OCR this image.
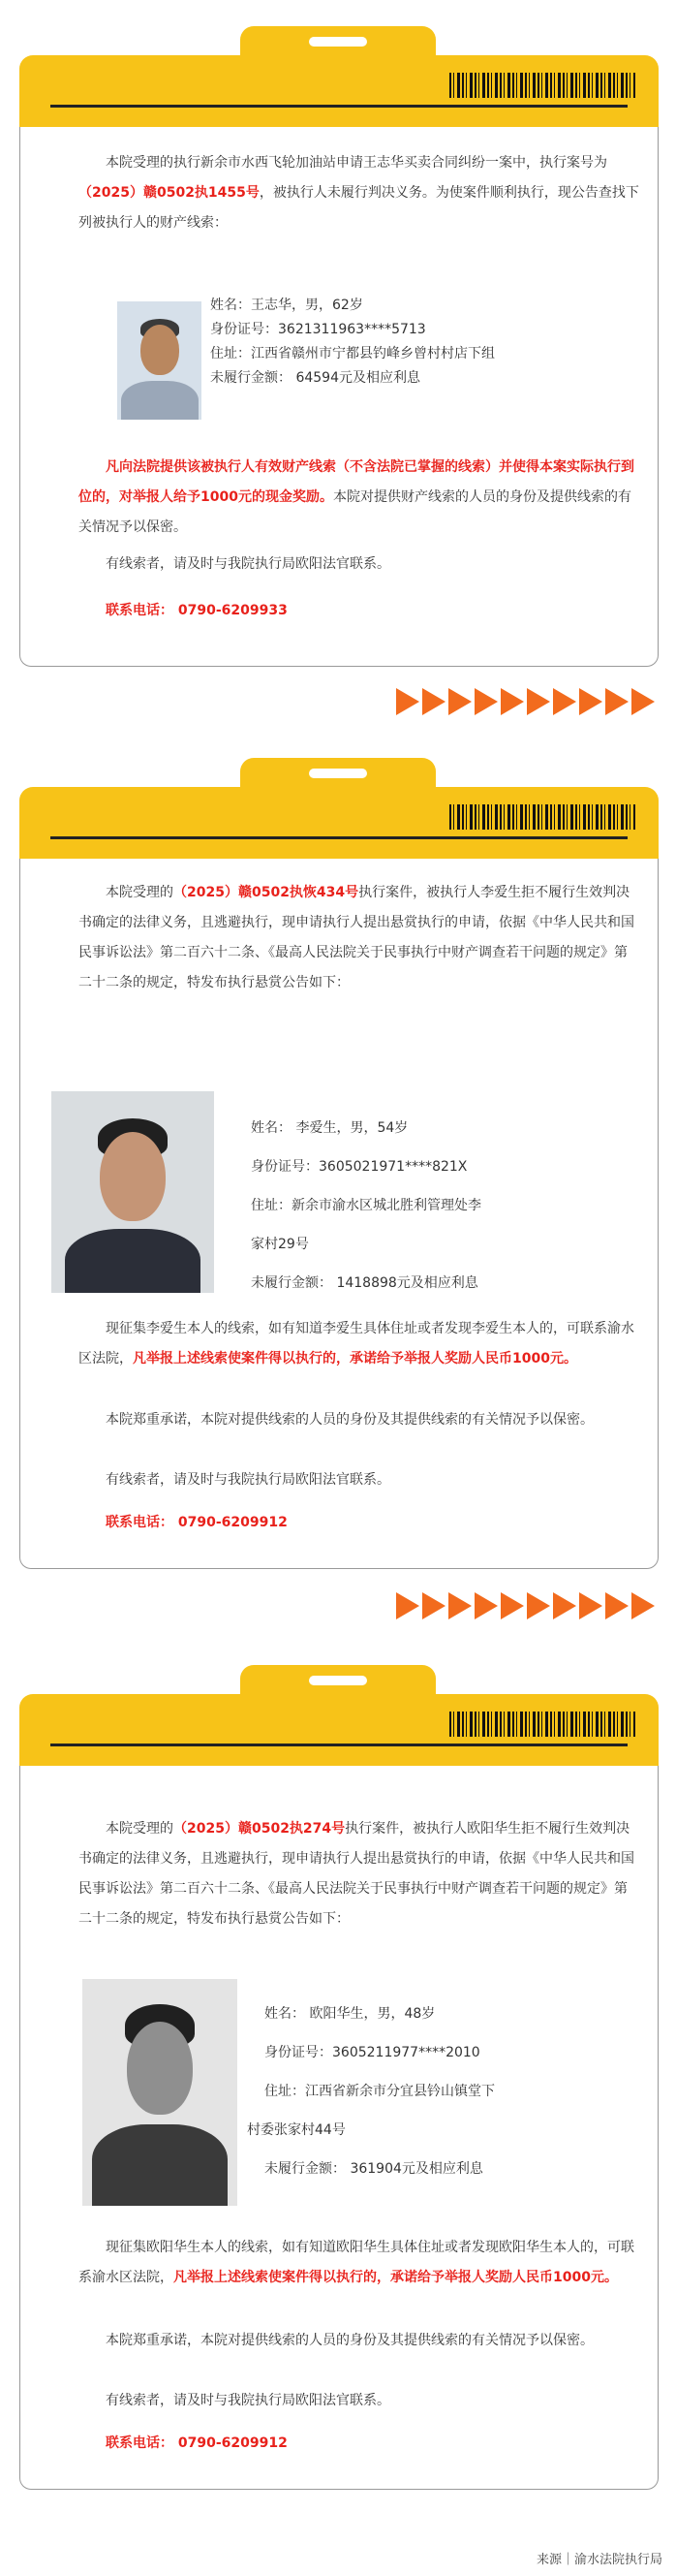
本院受理的执行新余市水西飞轮加油站申请王志华买卖合同纠纷一案中，执行案号为（2025）赣0502执1455号，被执行人未履行判决义务。为使案件顺利执行，现公告查找下列被执行人的财产线索：

姓名：王志华，男，62岁
身份证号：3621311963****5713
住址：江西省赣州市宁都县钓峰乡曾村村店下组
未履行金额： 64594元及相应利息

凡向法院提供该被执行人有效财产线索（不含法院已掌握的线索）并使得本案实际执行到位的，对举报人给予1000元的现金奖励。本院对提供财产线索的人员的身份及提供线索的有关情况予以保密。

有线索者，请及时与我院执行局欧阳法官联系。

联系电话： 0790-6209933

本院受理的（2025）赣0502执恢434号执行案件，被执行人李爱生拒不履行生效判决书确定的法律义务，且逃避执行，现申请执行人提出悬赏执行的申请，依据《中华人民共和国民事诉讼法》第二百六十二条、《最高人民法院关于民事执行中财产调查若干问题的规定》第二十二条的规定，特发布执行悬赏公告如下：

姓名： 李爱生，男，54岁
身份证号：3605021971****821X
住址：新余市渝水区城北胜利管理处李
家村29号
未履行金额： 1418898元及相应利息

现征集李爱生本人的线索，如有知道李爱生具体住址或者发现李爱生本人的，可联系渝水区法院，凡举报上述线索使案件得以执行的，承诺给予举报人奖励人民币1000元。

本院郑重承诺，本院对提供线索的人员的身份及其提供线索的有关情况予以保密。

有线索者，请及时与我院执行局欧阳法官联系。

联系电话： 0790-6209912

本院受理的（2025）赣0502执274号执行案件，被执行人欧阳华生拒不履行生效判决书确定的法律义务，且逃避执行，现申请执行人提出悬赏执行的申请，依据《中华人民共和国民事诉讼法》第二百六十二条、《最高人民法院关于民事执行中财产调查若干问题的规定》第二十二条的规定，特发布执行悬赏公告如下：

姓名： 欧阳华生，男，48岁
身份证号：3605211977****2010
住址：江西省新余市分宜县钤山镇堂下
村委张家村44号
未履行金额： 361904元及相应利息

现征集欧阳华生本人的线索，如有知道欧阳华生具体住址或者发现欧阳华生本人的，可联系渝水区法院，凡举报上述线索使案件得以执行的，承诺给予举报人奖励人民币1000元。

本院郑重承诺，本院对提供线索的人员的身份及其提供线索的有关情况予以保密。

有线索者，请及时与我院执行局欧阳法官联系。

联系电话： 0790-6209912
来源｜渝水法院执行局
